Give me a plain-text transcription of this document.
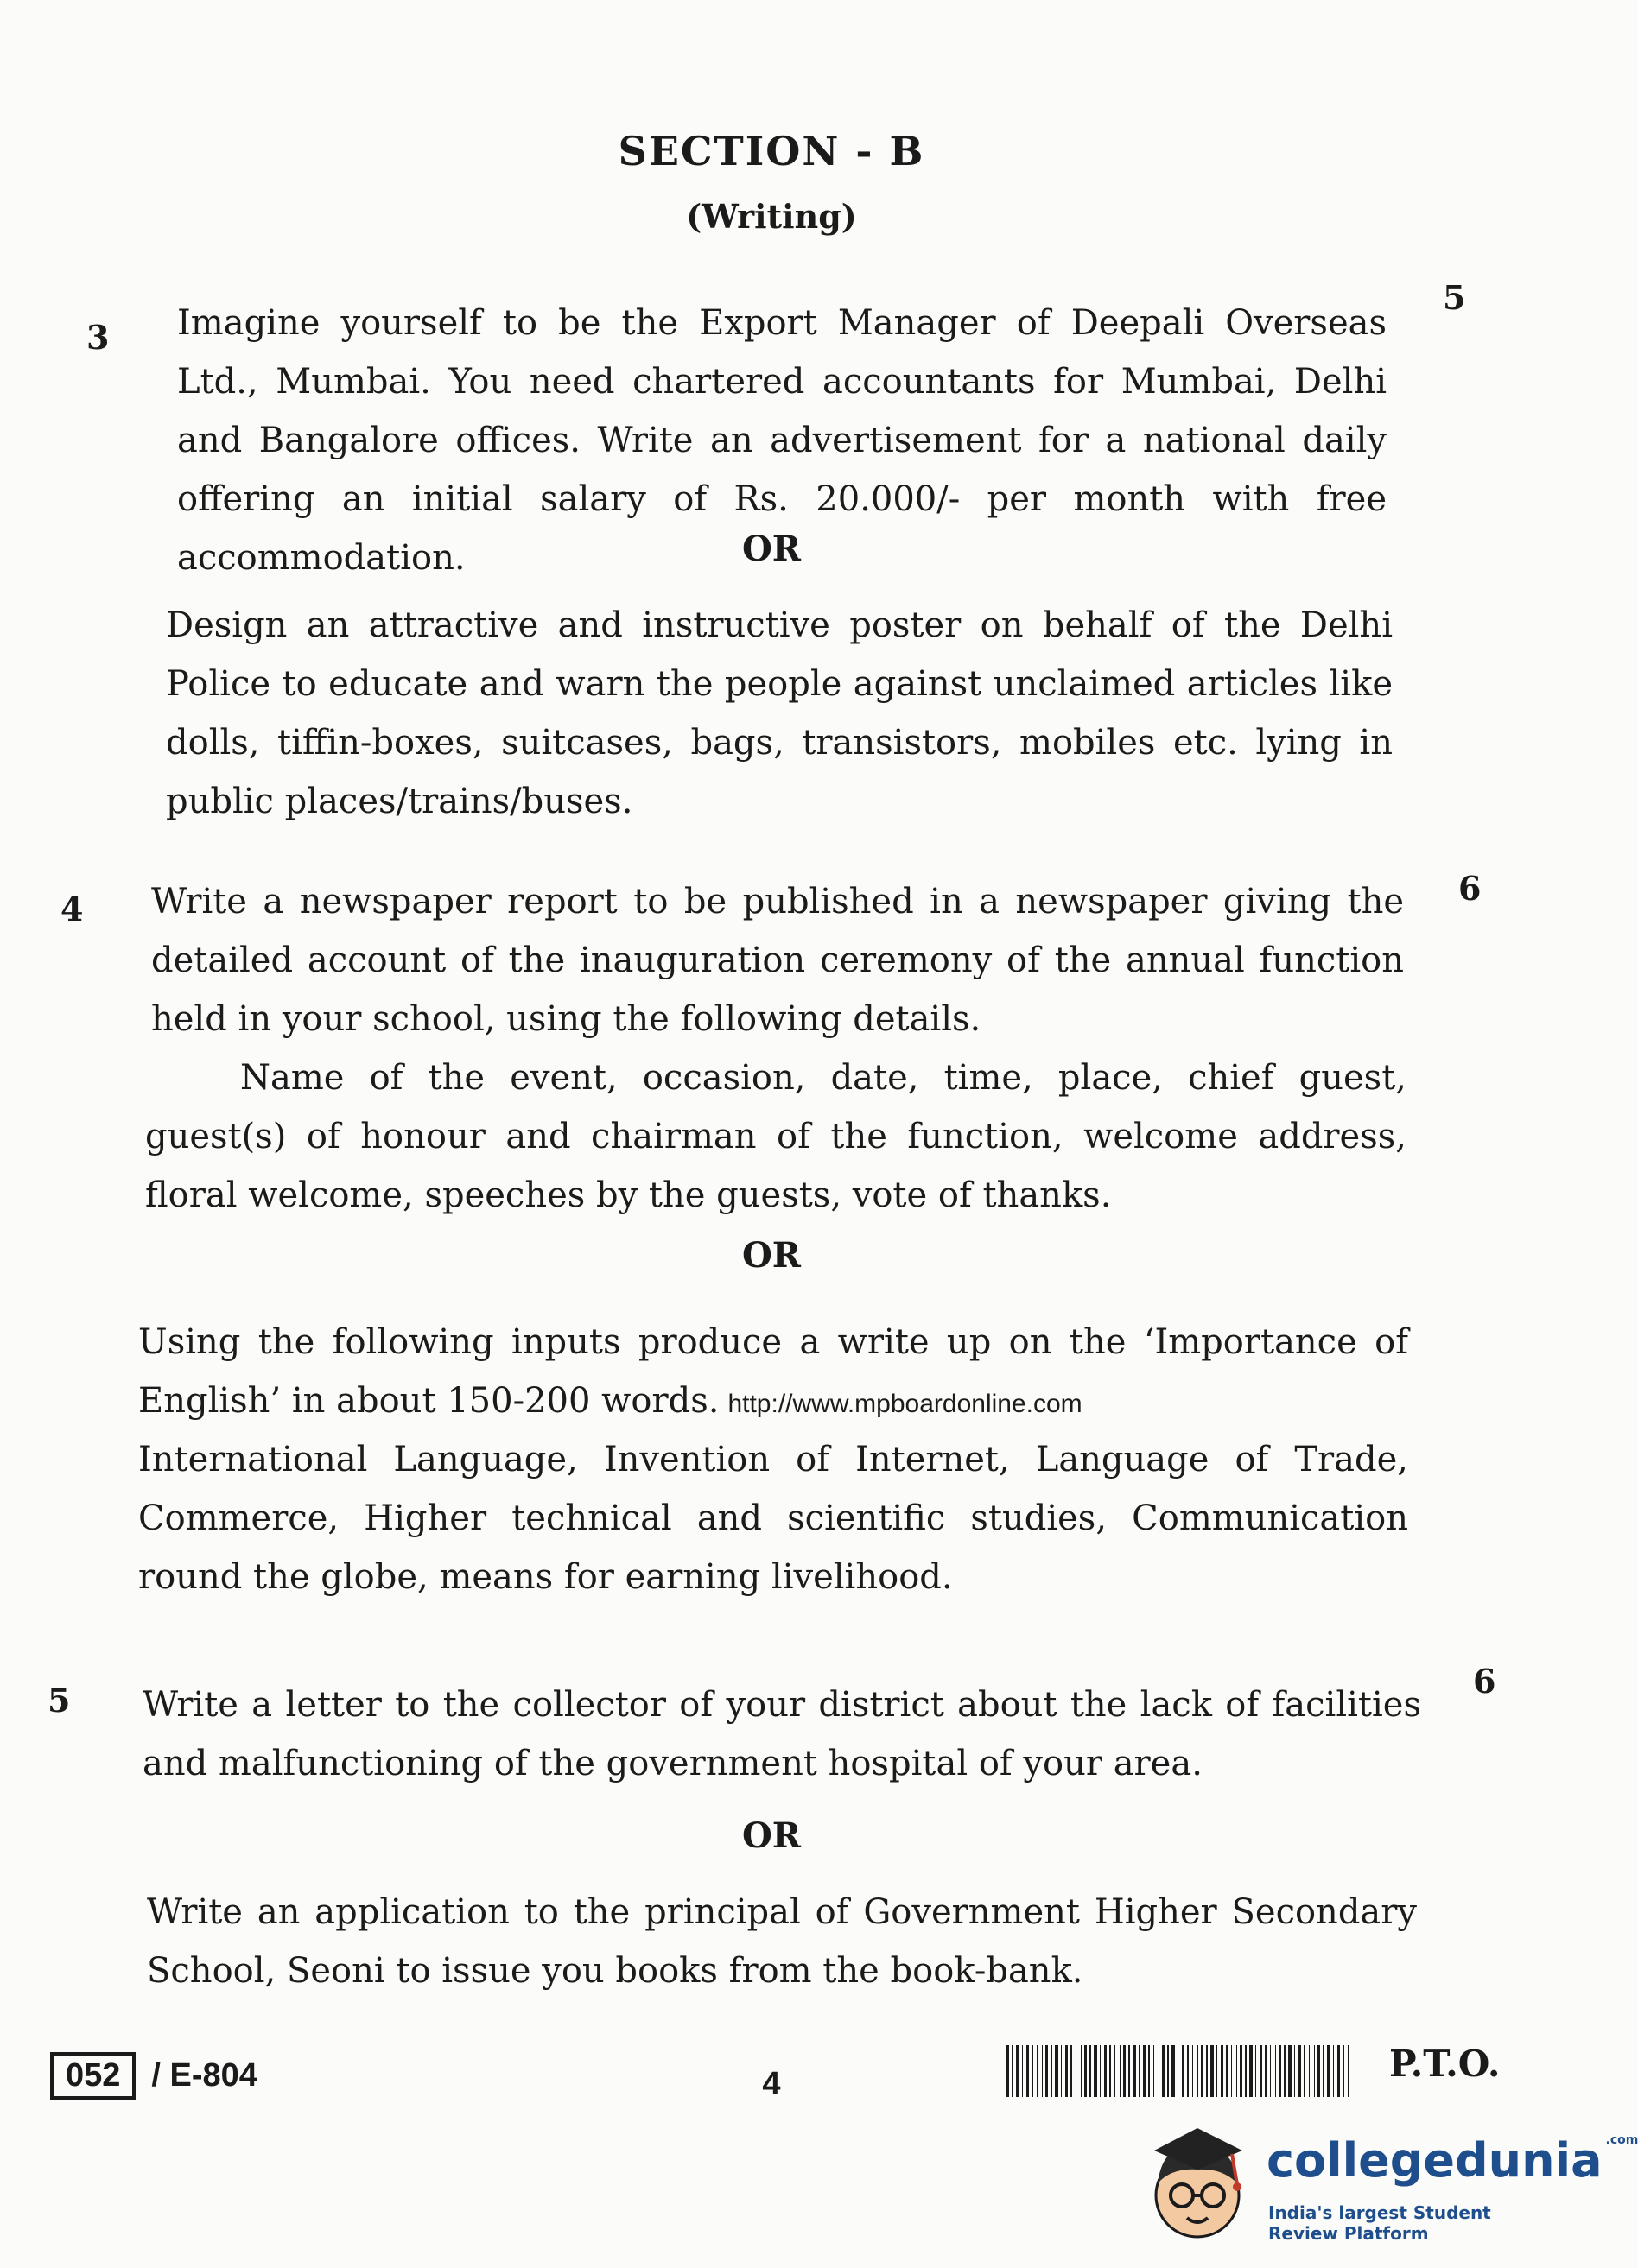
SECTION - B
(Writing)
3
5

Imagine yourself to be the Export Manager of Deepali Overseas Ltd., Mumbai. You need chartered accountants for Mumbai, Delhi and Bangalore offices. Write an advertisement for a national daily offering an initial salary of Rs. 20.000/- per month with free accommodation.	OR

Design an attractive and instructive poster on behalf of the Delhi Police to educate and warn the people against unclaimed articles like dolls, tiffin-boxes, suitcases, bags, transistors, mobiles etc. lying in public places/trains/buses.

4
6

Write a newspaper report to be published in a newspaper giving the detailed account of the inauguration ceremony of the annual function held in your school, using the following details.

Name of the event, occasion, date, time, place, chief guest, guest(s) of honour and chairman of the function, welcome address, floral welcome, speeches by the guests, vote of thanks.

OR

Using the following inputs produce a write up on the ‘Importance of English’ in about 150-200 words. http://www.mpboardonline.com

International Language, Invention of Internet, Language of Trade, Commerce, Higher technical and scientific studies, Communication round the globe, means for earning livelihood.

5	6

Write a letter to the collector of your district about the lack of facilities and malfunctioning of the government hospital of your area.

OR

Write an application to the principal of Government Higher Secondary School, Seoni to issue you books from the book-bank.

052 / E-804	4	P.T.O.
collegedunia $^{.com}$
India's largest Student Review Platform
